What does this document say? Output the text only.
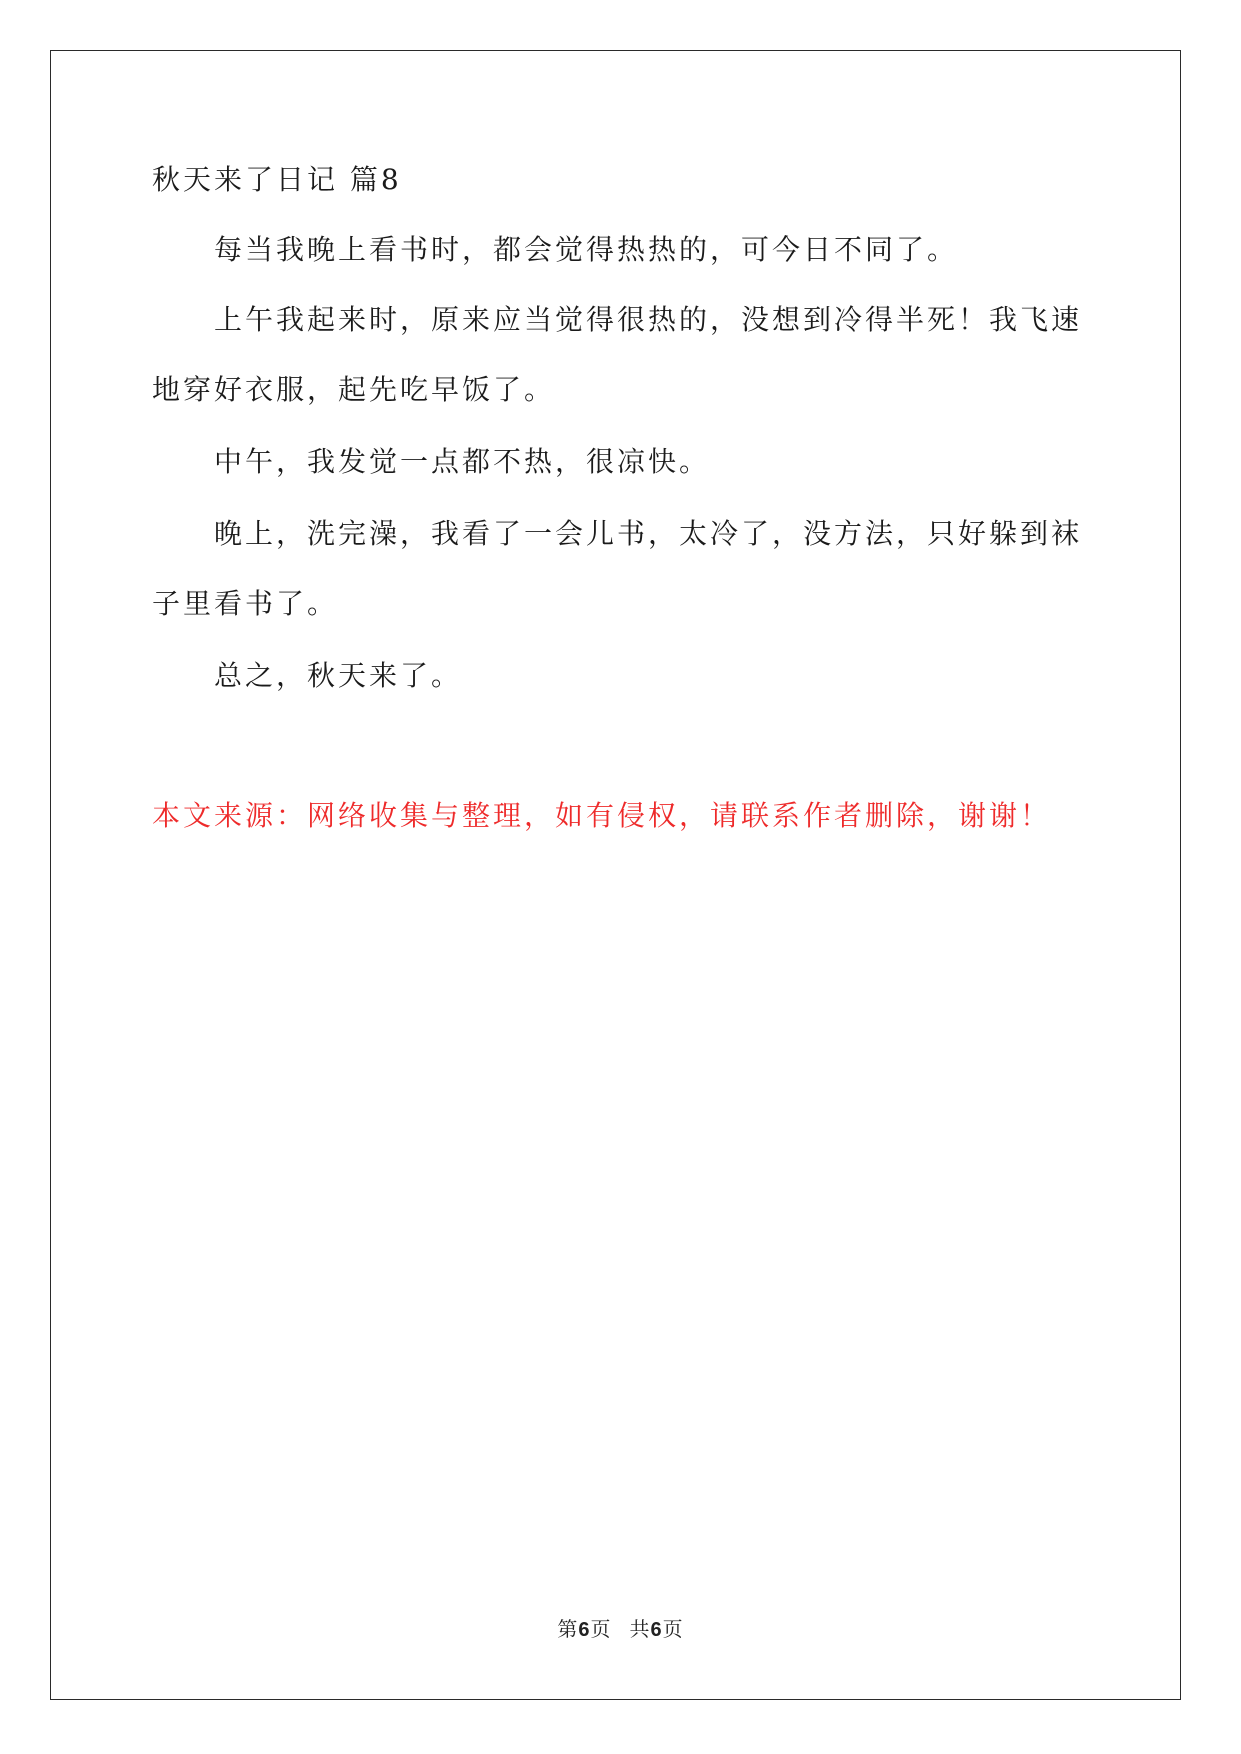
秋天来了日记 篇8
每当我晚上看书时，都会觉得热热的，可今日不同了。
上午我起来时，原来应当觉得很热的，没想到冷得半死！我飞速
地穿好衣服，起先吃早饭了。
中午，我发觉一点都不热，很凉快。
晚上，洗完澡，我看了一会儿书，太冷了，没方法，只好躲到袜
子里看书了。
总之，秋天来了。
本文来源：网络收集与整理，如有侵权，请联系作者删除，谢谢！
第6页 共6页
